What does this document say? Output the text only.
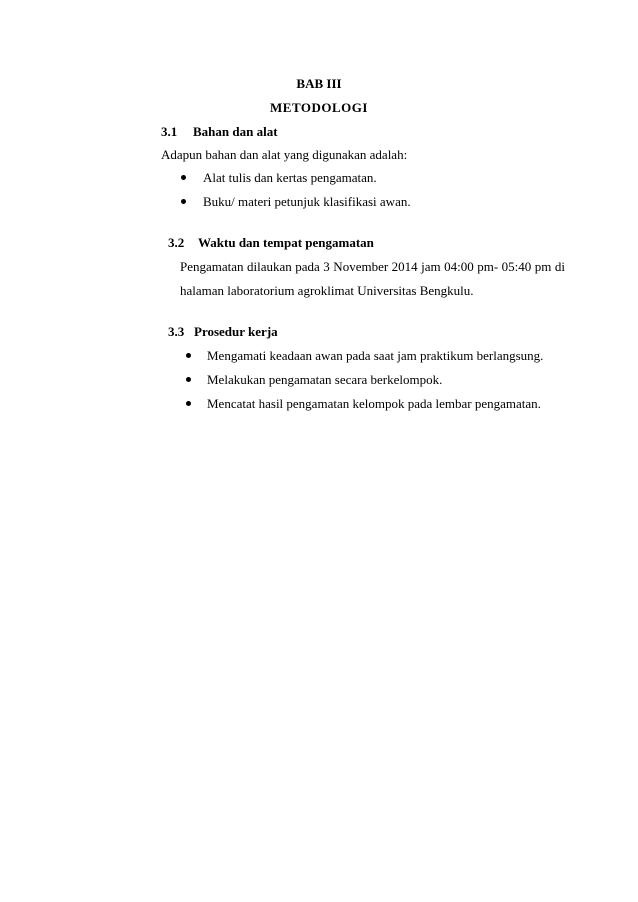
BAB III
METODOLOGI
3.1 Bahan dan alat
Adapun bahan dan alat yang digunakan adalah:
Alat tulis dan kertas pengamatan.
Buku/ materi petunjuk klasifikasi awan.
3.2 Waktu dan tempat pengamatan
Pengamatan dilaukan pada 3 November 2014 jam 04:00 pm- 05:40 pm di
halaman laboratorium agroklimat Universitas Bengkulu.
3.3 Prosedur kerja
Mengamati keadaan awan pada saat jam praktikum berlangsung.
Melakukan pengamatan secara berkelompok.
Mencatat hasil pengamatan kelompok pada lembar pengamatan.
